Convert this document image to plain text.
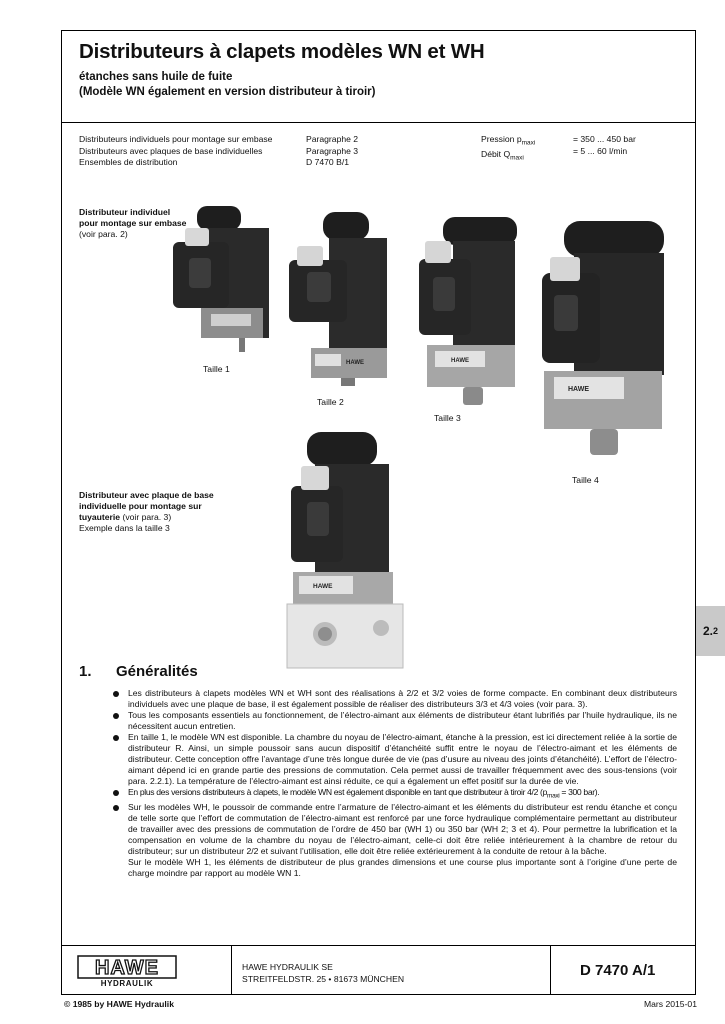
Distributeurs à clapets modèles WN et WH
étanches sans huile de fuite
(Modèle WN également en version distributeur à tiroir)
Distributeurs individuels pour montage sur embase
Distributeurs avec plaques de base individuelles
Ensembles de distribution
Paragraphe 2
Paragraphe 3
D 7470 B/1
Pression $p_{maxi}$
Débit $Q_{maxi}$
= 350 ... 450 bar
= 5 ... 60 l/min
Distributeur individuel pour montage sur embase (voir para. 2)
Distributeur avec plaque de base individuelle pour montage sur tuyauterie (voir para. 3)
Exemple dans la taille 3
Taille 1
HAWE
Taille 2
HAWE
Taille 3
HAWE
Taille 4
HAWE
2. 2
1. Généralités

Les distributeurs à clapets modèles WN et WH sont des réalisations à 2/2 et 3/2 voies de forme compacte. En combinant deux distributeurs individuels avec une plaque de base, il est également possible de réaliser des distributeurs 3/3 et 4/3 voies (voir para. 3).

Tous les composants essentiels au fonctionnement, de l’électro-aimant aux éléments de distributeur étant lubrifiés par l’huile hydraulique, ils ne nécessitent aucun entretien.

En taille 1, le modèle WN est disponible. La chambre du noyau de l’électro-aimant, étanche à la pression, est ici directement reliée à la sortie de distributeur R. Ainsi, un simple poussoir sans aucun dispositif d’étanchéité suffit entre le noyau de l’électro-aimant et les éléments de distributeur. Cette conception offre l’avantage d’une très longue durée de vie (pas d’usure au niveau des joints d’étanchéité). L’effort de l’électro-aimant dépend ici en grande partie des pressions de commutation. Cela permet aussi de travailler fréquemment avec des sous-tensions (voir para. 2.2.1). La température de l’électro-aimant est ainsi réduite, ce qui a également un effet positif sur la durée de vie.

En plus des versions distributeurs à clapets, le modèle WN est également disponible en tant que distributeur à tiroir 4/2 ($p_{maxi} = 300$ bar).

Sur les modèles WH, le poussoir de commande entre l’armature de l’électro-aimant et les éléments du distributeur est rendu étanche et conçu de telle sorte que l’effort de commutation de l’électro-aimant est renforcé par une force hydraulique complémentaire permettant au distributeur de travailler avec des pressions de commutation de l’ordre de 450 bar (WH 1) ou 350 bar (WH 2; 3 et 4). Pour permettre la lubrification et la compensation en volume de la chambre du noyau de l’électro-aimant, celle-ci doit être reliée intérieurement à la chambre de retour du distributeur; sur un distributeur 2/2 et suivant l’utilisation, elle doit être reliée extérieurement à la conduite de retour à la bâche.

Sur le modèle WH 1, les éléments de distributeur de plus grandes dimensions et une course plus importante sont à l’origine d’une perte de charge moindre par rapport au modèle WN 1.

HAWE
HYDRAULIK
HAWE HYDRAULIK SE
STREITFELDSTR. 25 • 81673 MÜNCHEN	D 7470 A/1
© 1985 by HAWE Hydraulik	Mars 2015-01
